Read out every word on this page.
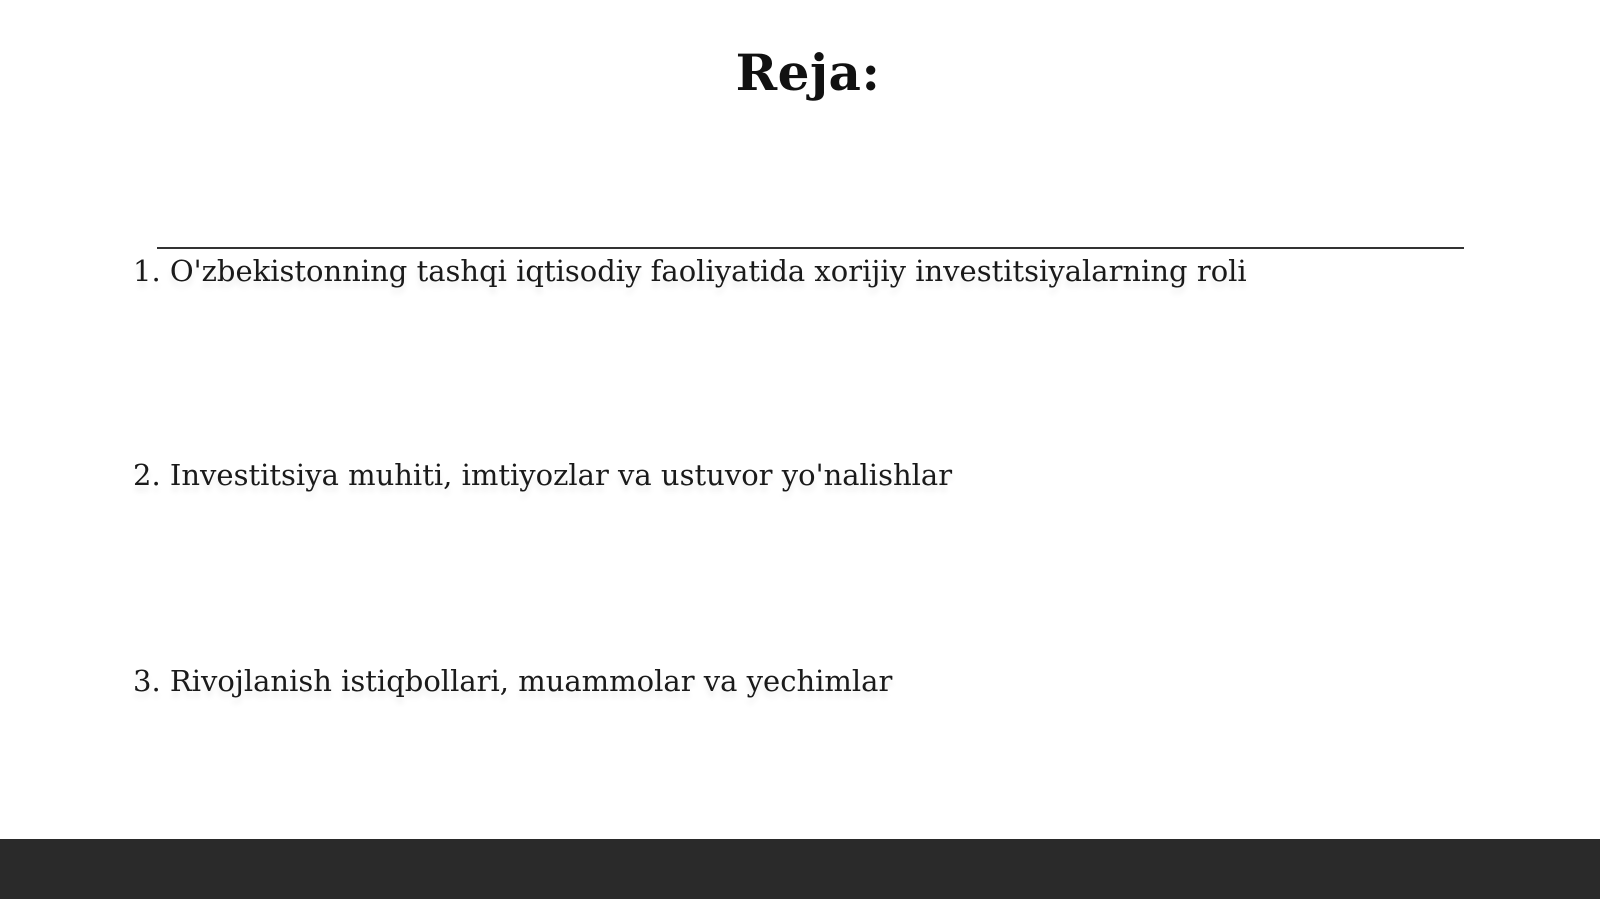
Reja:
1. O'zbekistonning tashqi iqtisodiy faoliyatida xorijiy investitsiyalarning roli
2. Investitsiya muhiti, imtiyozlar va ustuvor yo'nalishlar
3. Rivojlanish istiqbollari, muammolar va yechimlar
